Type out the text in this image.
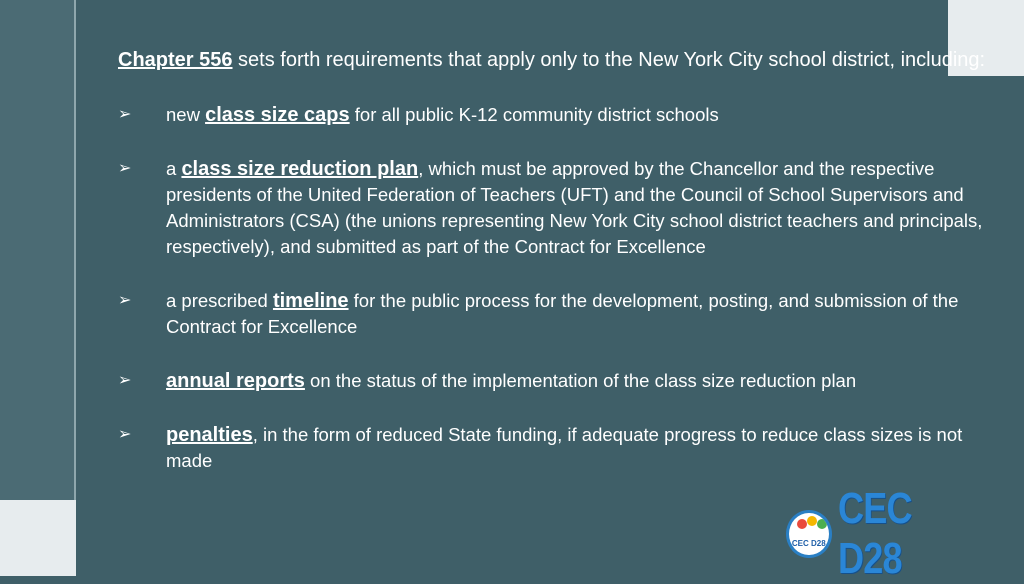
Chapter 556 sets forth requirements that apply only to the New York City school district, including:

➢ new class size caps for all public K-12 community district schools
➢ a class size reduction plan, which must be approved by the Chancellor and the respective presidents of the United Federation of Teachers (UFT) and the Council of School Supervisors and Administrators (CSA) (the unions representing New York City school district teachers and principals, respectively), and submitted as part of the Contract for Excellence
➢ a prescribed timeline for the public process for the development, posting, and submission of the Contract for Excellence
➢ annual reports on the status of the implementation of the class size reduction plan
➢ penalties, in the form of reduced State funding, if adequate progress to reduce class sizes is not made
CEC D28
CEC D28
